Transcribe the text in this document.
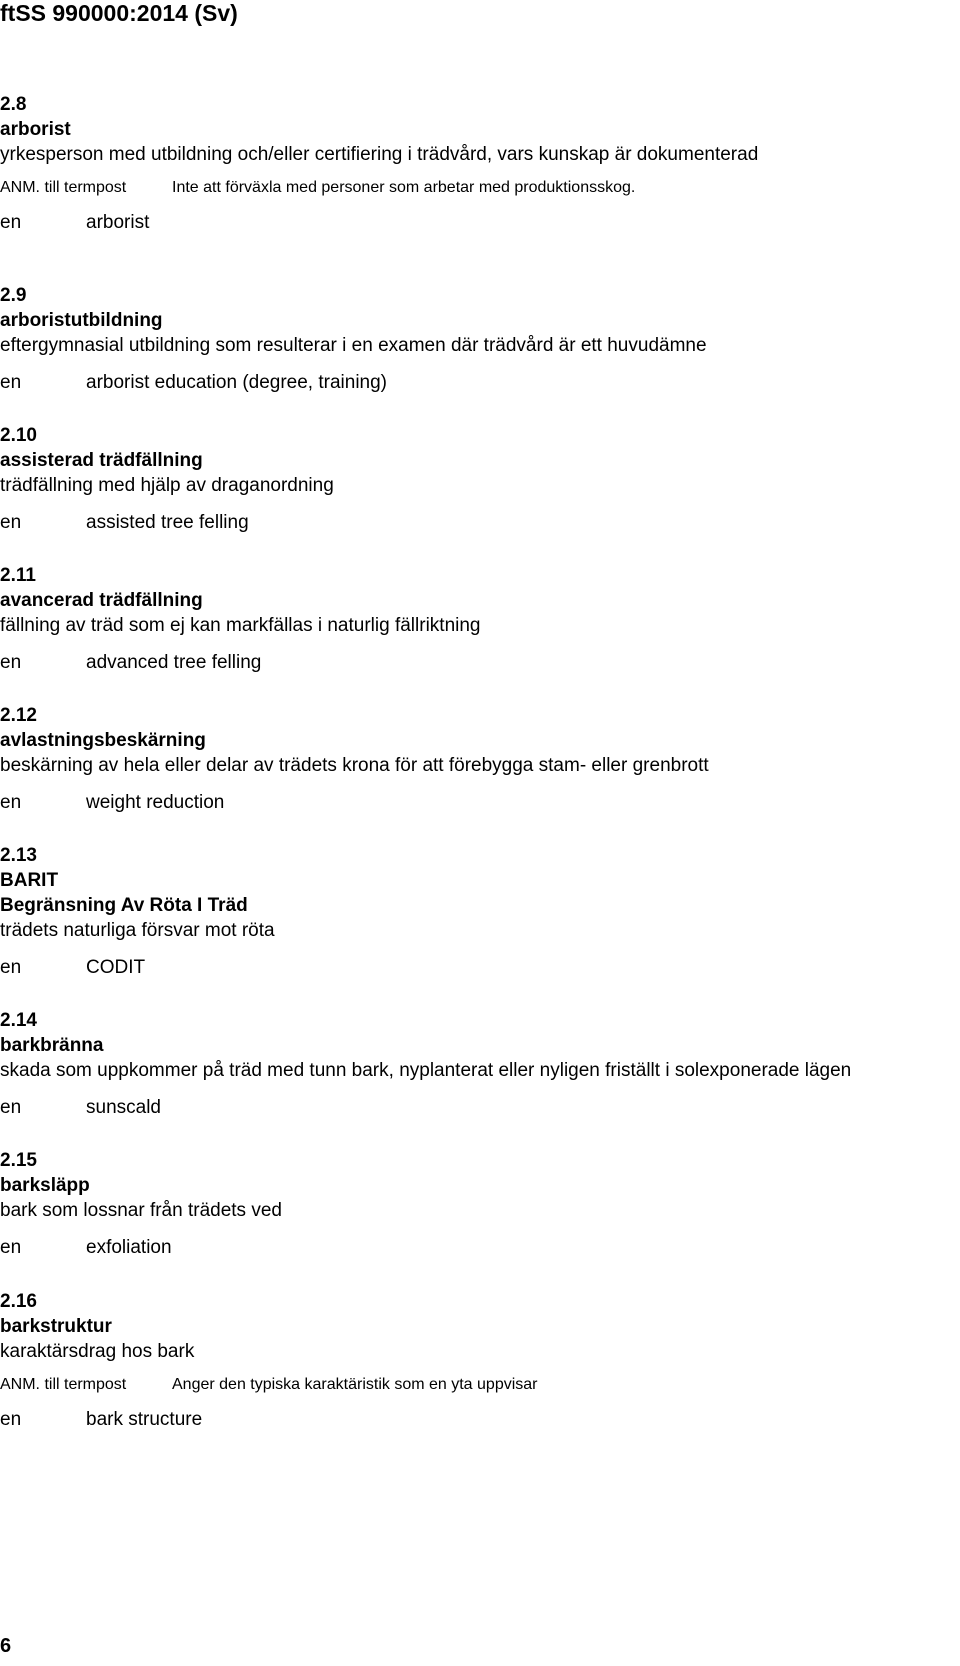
ftSS 990000:2014 (Sv)
2.8
arborist
yrkesperson med utbildning och/eller certifiering i trädvård, vars kunskap är dokumenterad
ANM. till termpost	Inte att förväxla med personer som arbetar med produktionsskog.
en	arborist
2.9
arboristutbildning
eftergymnasial utbildning som resulterar i en examen där trädvård är ett huvudämne
en	arborist education (degree, training)
2.10
assisterad trädfällning
trädfällning med hjälp av draganordning
en	assisted tree felling
2.11
avancerad trädfällning
fällning av träd som ej kan markfällas i naturlig fällriktning
en	advanced tree felling
2.12
avlastningsbeskärning
beskärning av hela eller delar av trädets krona för att förebygga stam- eller grenbrott
en	weight reduction
2.13
BARIT
Begränsning Av Röta I Träd
trädets naturliga försvar mot röta
en	CODIT
2.14
barkbränna
skada som uppkommer på träd med tunn bark, nyplanterat eller nyligen friställt i solexponerade lägen
en	sunscald
2.15
barksläpp
bark som lossnar från trädets ved
en	exfoliation
2.16
barkstruktur
karaktärsdrag hos bark
ANM. till termpost	Anger den typiska karaktäristik som en yta uppvisar
en	bark structure
6
